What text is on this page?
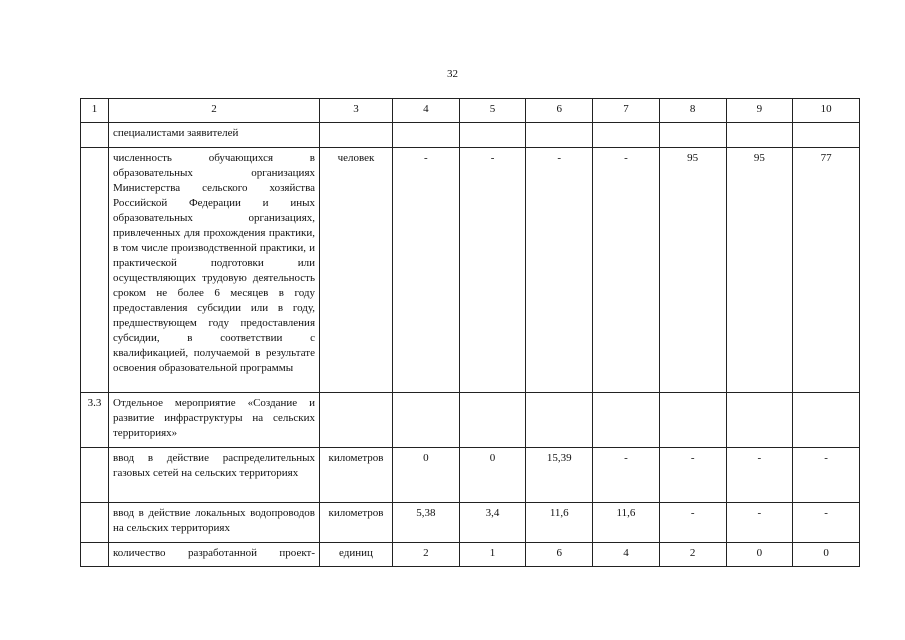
32
1	2	3	4	5	6	7	8	9	10
	специалистами заявителей								
	численность обучающихся в образовательных организациях Министерства сельского хозяйства Российской Федерации и иных образовательных организациях, привлеченных для прохождения практики, в том числе производственной практики, и практической подготовки или осуществляющих трудовую деятельность сроком не более 6 месяцев в году предоставления субсидии или в году, предшествующем году предоставления субсидии, в соответствии с квалификацией, получаемой в результате освоения образовательной программы	человек	-	-	-	-	95	95	77
3.3	Отдельное мероприятие «Создание и развитие инфраструктуры на сельских территориях»								
	ввод в действие распределительных газовых сетей на сельских территориях	километров	0	0	15,39	-	-	-	-
	ввод в действие локальных водопроводов на сельских территориях	километров	5,38	3,4	11,6	11,6	-	-	-
	количество разработанной проект-	единиц	2	1	6	4	2	0	0
